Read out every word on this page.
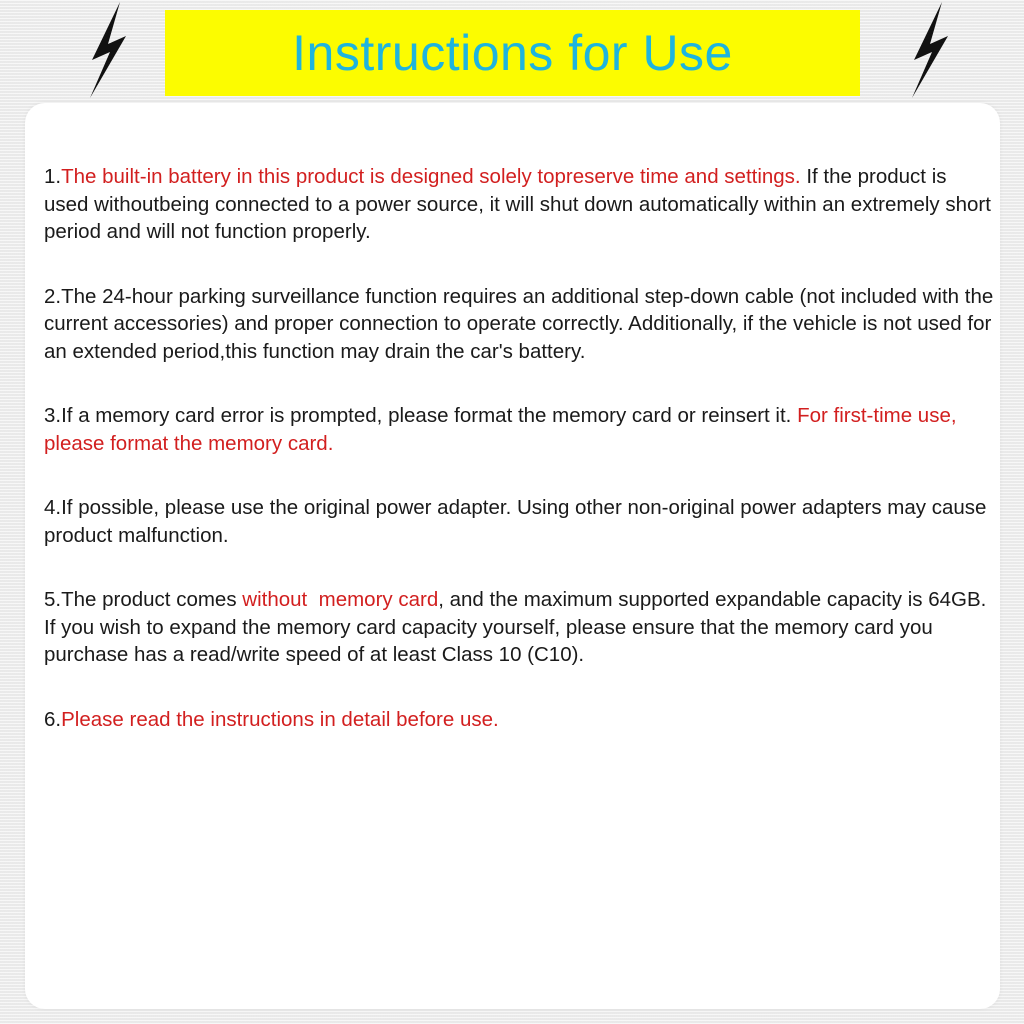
Instructions for Use
1.The built-in battery in this product is designed solely topreserve time and settings. If the product is used withoutbeing connected to a power source, it will shut down automatically within an extremely short period and will not function properly.
2.The 24-hour parking surveillance function requires an additional step-down cable (not included with the current accessories) and proper connection to operate correctly. Additionally, if the vehicle is not used for an extended period,this function may drain the car's battery.
3.If a memory card error is prompted, please format the memory card or reinsert it. For first-time use, please format the memory card.
4.If possible, please use the original power adapter. Using other non-original power adapters may cause product malfunction.
5.The product comes without  memory card, and the maximum supported expandable capacity is 64GB. If you wish to expand the memory card capacity yourself, please ensure that the memory card you purchase has a read/write speed of at least Class 10 (C10).
6.Please read the instructions in detail before use.
